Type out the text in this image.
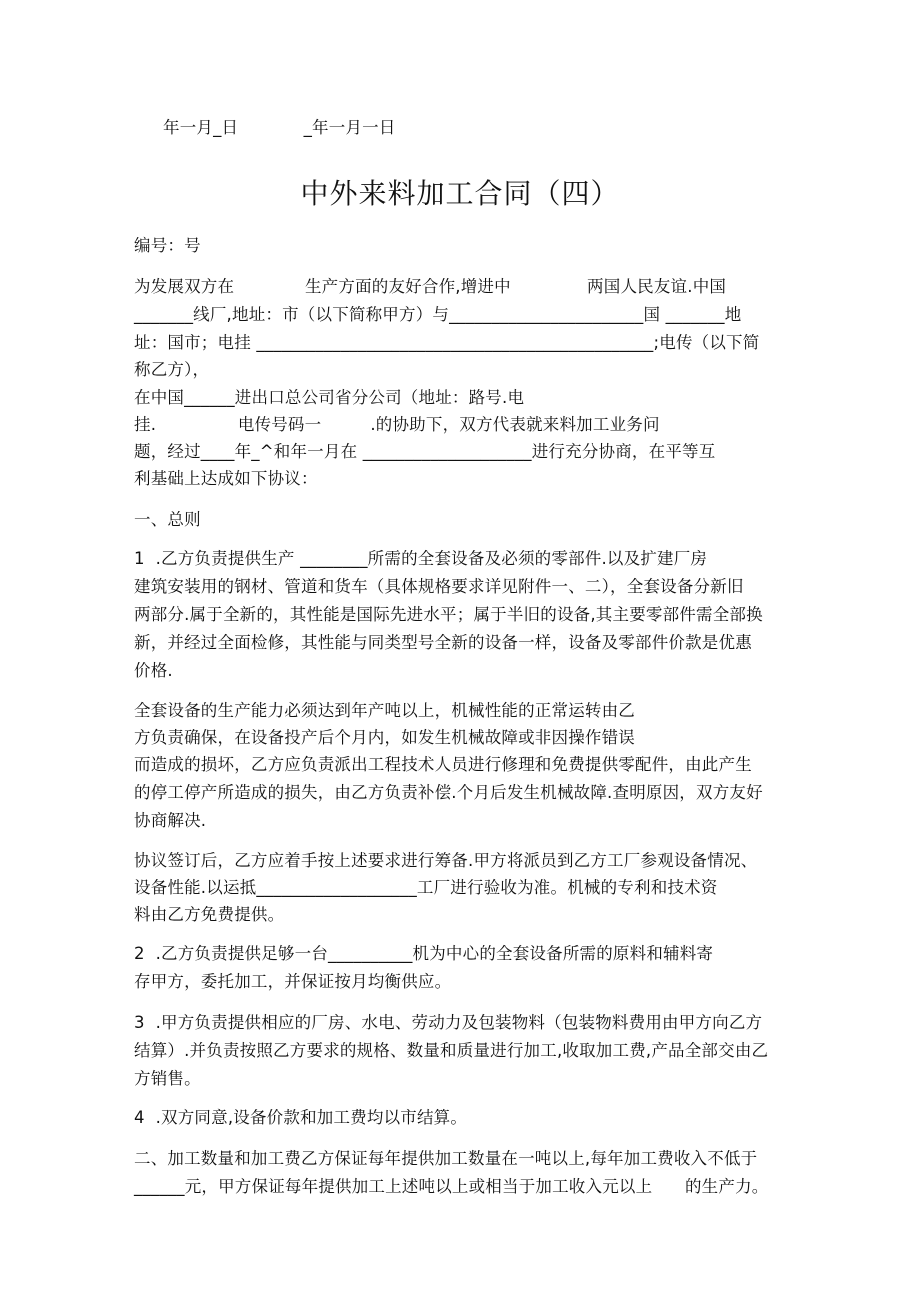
年一月_日            _年一月一日
中外来料加工合同（四）
编号：号
为发展双方在             生产方面的友好合作,增进中              两国人民友谊.中国
_______线厂,地址：市（以下简称甲方）与_______________________国 _______地
址：国市；电挂 _______________________________________________;电传（以下简
称乙方），
在中国______进出口总公司省分公司（地址：路号.电
挂.               电传号码一         .的协助下，双方代表就来料加工业务问
题，经过____年_^和年一月在 ____________________进行充分协商，在平等互
利基础上达成如下协议：
一、总则
1  .乙方负责提供生产 ________所需的全套设备及必须的零部件.以及扩建厂房
建筑安装用的钢材、管道和货车（具体规格要求详见附件一、二），全套设备分新旧
两部分.属于全新的，其性能是国际先进水平；属于半旧的设备,其主要零部件需全部换
新，并经过全面检修，其性能与同类型号全新的设备一样，设备及零部件价款是优惠
价格.
全套设备的生产能力必须达到年产吨以上，机械性能的正常运转由乙
方负责确保，在设备投产后个月内，如发生机械故障或非因操作错误
而造成的损坏，乙方应负责派出工程技术人员进行修理和免费提供零配件，由此产生
的停工停产所造成的损失，由乙方负责补偿.个月后发生机械故障.查明原因，双方友好
协商解决.
协议签订后，乙方应着手按上述要求进行筹备.甲方将派员到乙方工厂参观设备情况、
设备性能.以运抵___________________工厂进行验收为准。机械的专利和技术资
料由乙方免费提供。
2  .乙方负责提供足够一台__________机为中心的全套设备所需的原料和辅料寄
存甲方，委托加工，并保证按月均衡供应。
3  .甲方负责提供相应的厂房、水电、劳动力及包装物料（包装物料费用由甲方向乙方
结算）.并负责按照乙方要求的规格、数量和质量进行加工,收取加工费,产品全部交由乙
方销售。
4  .双方同意,设备价款和加工费均以市结算。
二、加工数量和加工费乙方保证每年提供加工数量在一吨以上,每年加工费收入不低于
______元，甲方保证每年提供加工上述吨以上或相当于加工收入元以上      的生产力。
